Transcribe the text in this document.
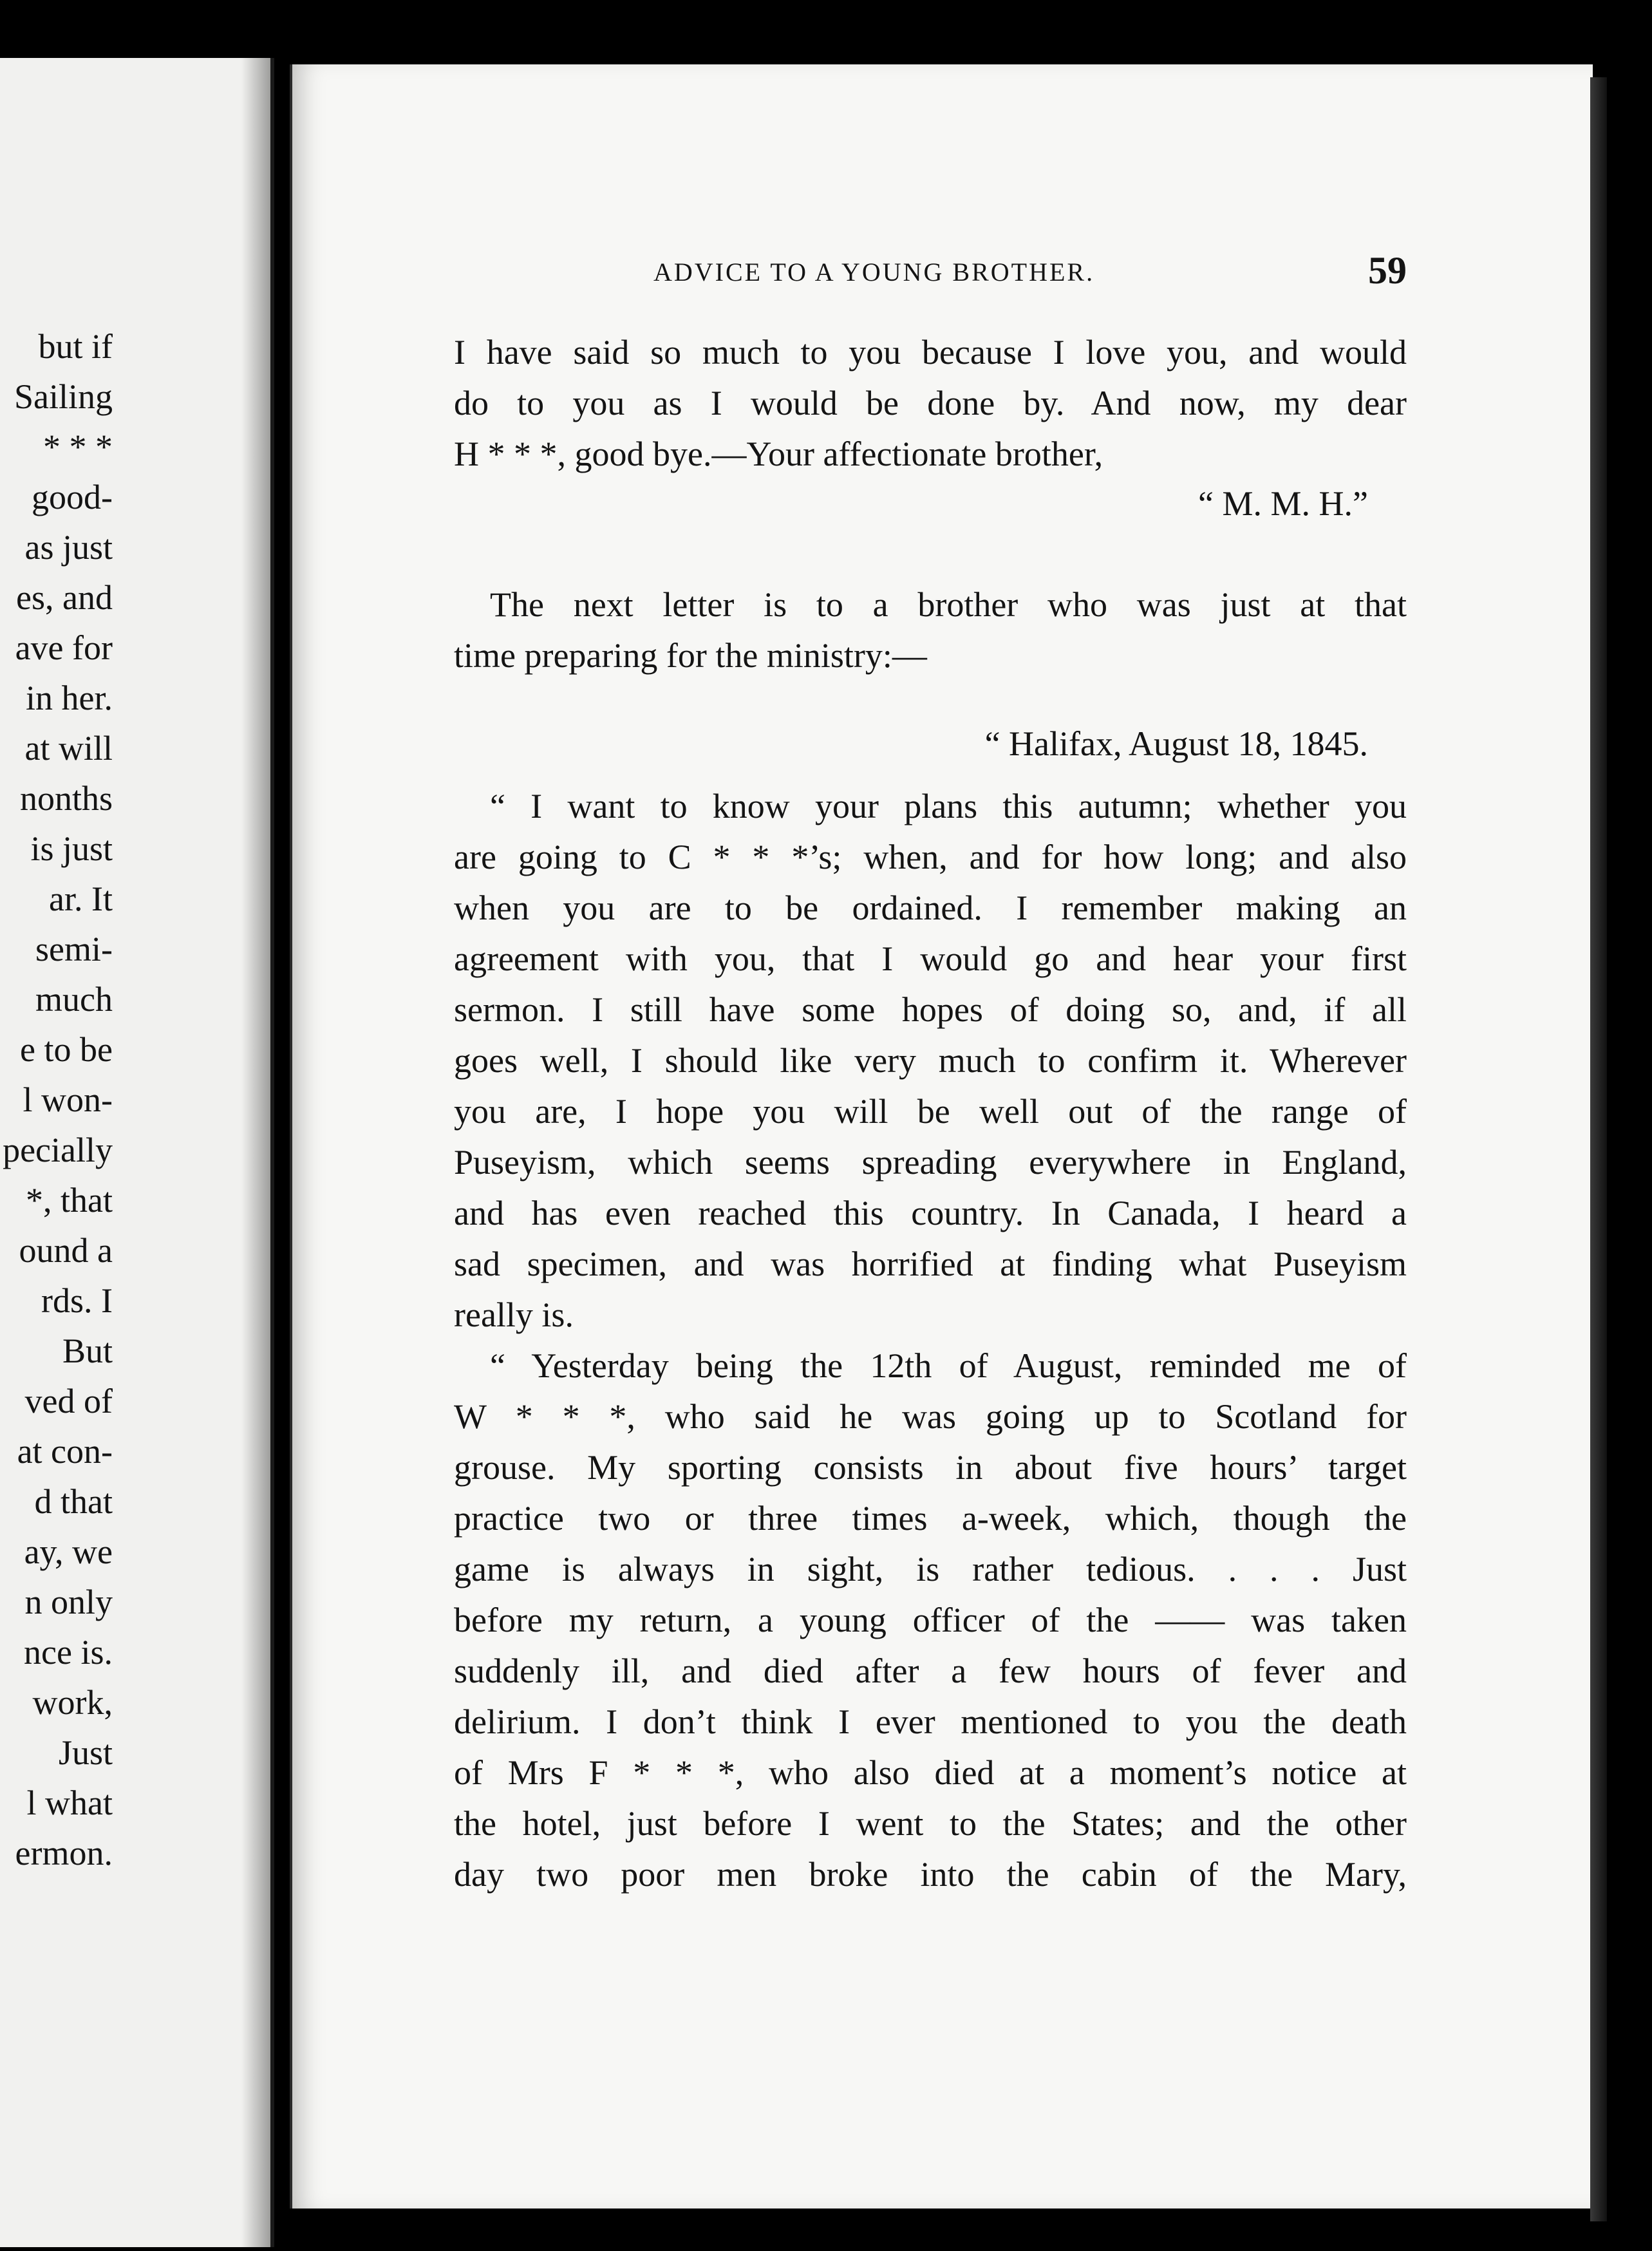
but if
Sailing
* * *
good-
as just
es, and
ave for
in her.
at will
nonths
is just
ar. It
semi-
much
e to be
l won-
pecially
*, that
ound a
rds. I
But
ved of
at con-
d that
ay, we
n only
nce is.
work,
Just
l what
ermon.
ADVICE TO A YOUNG BROTHER.	59
I have said so much to you because I love you, and would
do to you as I would be done by. And now, my dear
H * * *, good bye.—Your affectionate brother,
“ M. M. H.”
The next letter is to a brother who was just at that
time preparing for the ministry:—
“ Halifax, August 18, 1845.
“ I want to know your plans this autumn; whether you
are going to C * * *’s; when, and for how long; and also
when you are to be ordained. I remember making an
agreement with you, that I would go and hear your first
sermon. I still have some hopes of doing so, and, if all
goes well, I should like very much to confirm it. Wherever
you are, I hope you will be well out of the range of
Puseyism, which seems spreading everywhere in England,
and has even reached this country. In Canada, I heard a
sad specimen, and was horrified at finding what Puseyism
really is.
“ Yesterday being the 12th of August, reminded me of
W * * *, who said he was going up to Scotland for
grouse. My sporting consists in about five hours’ target
practice two or three times a-week, which, though the
game is always in sight, is rather tedious. . . . Just
before my return, a young officer of the —— was taken
suddenly ill, and died after a few hours of fever and
delirium. I don’t think I ever mentioned to you the death
of Mrs F * * *, who also died at a moment’s notice at
the hotel, just before I went to the States; and the other
day two poor men broke into the cabin of the Mary,
